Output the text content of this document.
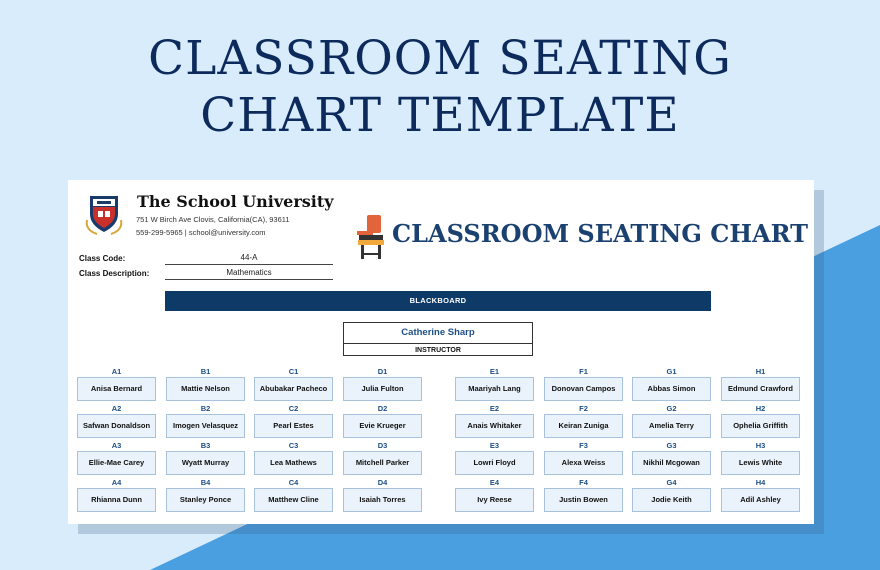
CLASSROOM SEATING
CHART TEMPLATE
The School University
751 W Birch Ave Clovis, California(CA), 93611
559-299-5965 | school@university.com	CLASSROOM SEATING CHART
Class Code:	44-A
Class Description:	Mathematics
BLACKBOARD
Catherine Sharp
INSTRUCTOR
A1
Anisa Bernard
B1
Mattie Nelson
C1
Abubakar Pacheco
D1
Julia Fulton
E1
Maariyah Lang
F1
Donovan Campos
G1
Abbas Simon
H1
Edmund Crawford
A2
Safwan Donaldson
B2
Imogen Velasquez
C2
Pearl Estes
D2
Evie Krueger
E2
Anais Whitaker
F2
Keiran Zuniga
G2
Amelia Terry
H2
Ophelia Griffith
A3
Ellie-Mae Carey
B3
Wyatt Murray
C3
Lea Mathews
D3
Mitchell Parker
E3
Lowri Floyd
F3
Alexa Weiss
G3
Nikhil Mcgowan
H3
Lewis White
A4
Rhianna Dunn
B4
Stanley Ponce
C4
Matthew Cline
D4
Isaiah Torres
E4
Ivy Reese
F4
Justin Bowen
G4
Jodie Keith
H4
Adil Ashley
